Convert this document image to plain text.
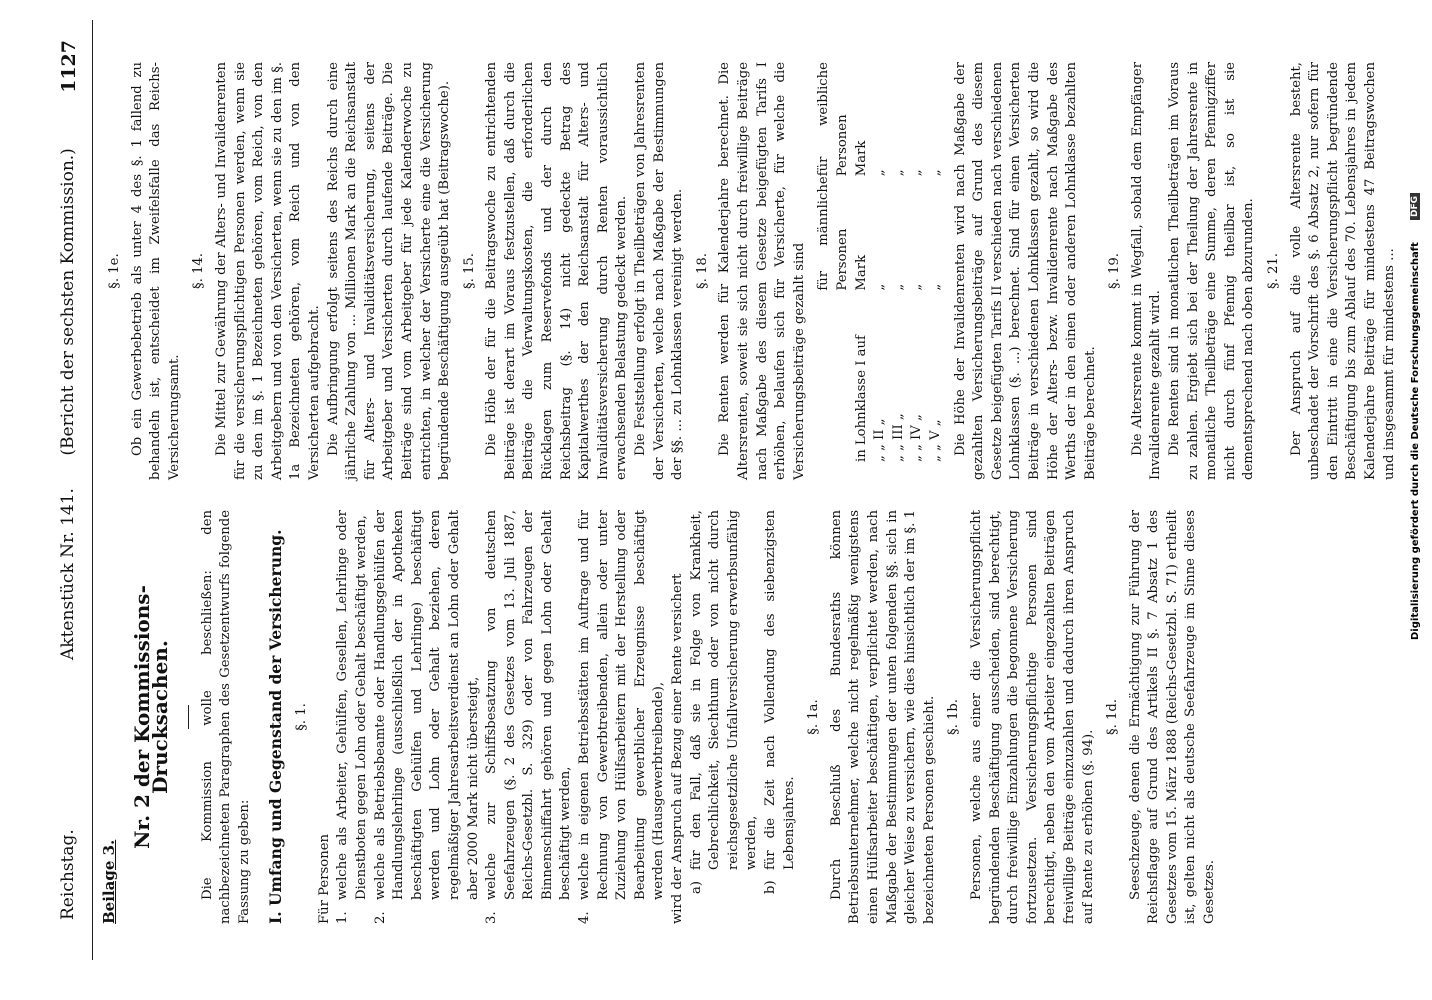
Reichstag.
Aktenstück Nr. 141.      (Bericht der sechsten Kommission.)
1127

Beilage 3.

Nr. 2 der Kommissions-Drucksachen. Die Kommission wolle beschließen: den nachbezeichneten Paragraphen des Gesetzentwurfs folgende Fassung zu geben: I. Umfang und Gegenstand der Versicherung. §. 1.

Für Personen 1.
welche als Arbeiter, Gehülfen, Gesellen, Lehrlinge oder Dienstboten gegen Lohn oder Gehalt beschäftigt werden,
2.
welche als Betriebsbeamte oder Handlungsgehülfen der Handlungslehrlinge (ausschließlich der in Apotheken beschäftigten Gehülfen und Lehrlinge) beschäftigt werden und Lohn oder Gehalt beziehen, deren regelmäßiger Jahresarbeitsverdienst an Lohn oder Gehalt aber 2000 Mark nicht übersteigt,
3.
welche zur Schiffsbesatzung von deutschen Seefahrzeugen (§. 2 des Gesetzes vom 13. Juli 1887, Reichs-Gesetzbl. S. 329) oder von Fahrzeugen der Binnenschiffahrt gehören und gegen Lohn oder Gehalt beschäftigt werden,
4.
welche in eigenen Betriebsstätten im Auftrage und für Rechnung von Gewerbtreibenden, allein oder unter Zuziehung von Hülfsarbeitern mit der Herstellung oder Bearbeitung gewerblicher Erzeugnisse beschäftigt werden (Hausgewerbtreibende), wird der Anspruch auf Bezug einer Rente versichert a)
für den Fall, daß sie in Folge von Krankheit, Gebrechlichkeit, Siechthum oder von nicht durch reichsgesetzliche Unfallversicherung erwerbsunfähig werden,
b)
für die Zeit nach Vollendung des siebenzigsten Lebensjahres.

§. 1a. Durch Beschluß des Bundesraths können Betriebsunternehmer, welche nicht regelmäßig wenigstens einen Hülfsarbeiter beschäftigen, verpflichtet werden, nach Maßgabe der Bestimmungen der unten folgenden §§. sich in gleicher Weise zu versichern, wie dies hinsichtlich der im §. 1 bezeichneten Personen geschieht. §. 1b. Personen, welche aus einer die Versicherungspflicht begründenden Beschäftigung ausscheiden, sind berechtigt, durch freiwillige Einzahlungen die begonnene Versicherung fortzusetzen. Versicherungspflichtige Personen sind berechtigt, neben den vom Arbeiter eingezahlten Beiträgen freiwillige Beiträge einzuzahlen und dadurch ihren Anspruch auf Rente zu erhöhen (§. 94).

§. 1d. Seeschzeuge, denen die Ermächtigung zur Führung der Reichsflagge auf Grund des Artikels II §. 7 Absatz 1 des Gesetzes vom 15. März 1888 (Reichs-Gesetzbl. S. 71) ertheilt ist, gelten nicht als deutsche Seefahrzeuge im Sinne dieses Gesetzes.

§. 1e. Ob ein Gewerbebetrieb als unter 4 des §. 1 fallend zu behandeln ist, entscheidet im Zweifelsfalle das Reichs-Versicherungsamt.

§. 14. Die Mittel zur Gewährung der Alters- und Invalidenrenten für die versicherungspflichtigen Personen werden, wenn sie zu den im §. 1 Bezeichneten gehören, vom Reich, von den Arbeitgebern und von den Versicherten, wenn sie zu den im §. 1a Bezeichneten gehören, vom Reich und von den Versicherten aufgebracht. Die Aufbringung erfolgt seitens des Reichs durch eine jährliche Zahlung von ... Millionen Mark an die Reichsanstalt für Alters- und Invaliditätsversicherung, seitens der Arbeitgeber und Versicherten durch laufende Beiträge. Die Beiträge sind vom Arbeitgeber für jede Kalenderwoche zu entrichten, in welcher der Versicherte eine die Versicherung begründende Beschäftigung ausgeübt hat (Beitragswoche). §. 15. Die Höhe der für die Beitragswoche zu entrichtenden Beiträge ist derart im Voraus festzustellen, daß durch die Beiträge die Verwaltungskosten, die erforderlichen Rücklagen zum Reservefonds und der durch den Reichsbeitrag (§. 14) nicht gedeckte Betrag des Kapitalwerthes der den Reichsanstalt für Alters- und Invaliditätsversicherung durch Renten voraussichtlich erwachsenden Belastung gedeckt werden. Die Feststellung erfolgt in Theilbeträgen von Jahresrenten der Versicherten, welche nach Maßgabe der Bestimmungen der §§. ... zu Lohnklassen vereinigt werden. §. 18. Die Renten werden für Kalenderjahre berechnet. Die Altersrenten, soweit sie sich nicht durch freiwillige Beiträge nach Maßgabe des diesem Gesetze beigefügten Tarifs I erhöhen, belaufen sich für Versicherte, für welche die Versicherungsbeiträge gezahlt sind

für männliche Personen
für weibliche Personen
in Lohnklasse I auf
Mark
Mark
„ „ II „
„
„
„ „ III „
„
„
„ „ IV „
„
„
„ „ V „
„
„ Die Höhe der Invalidenrenten wird nach Maßgabe der gezahlten Versicherungsbeiträge auf Grund des diesem Gesetze beigefügten Tarifs II verschieden nach verschiedenen Lohnklassen (§. ...) berechnet. Sind für einen Versicherten Beiträge in verschiedenen Lohnklassen gezahlt, so wird die Höhe der Alters- bezw. Invalidenrente nach Maßgabe des Werths der in den einen oder anderen Lohnklasse bezahlten Beiträge berechnet.

§. 19. Die Altersrente kommt in Wegfall, sobald dem Empfänger Invalidenrente gezahlt wird. Die Renten sind in monatlichen Theilbeträgen im Voraus zu zahlen. Ergiebt sich bei der Theilung der Jahresrente in monatliche Theilbeträge eine Summe, deren Pfennigziffer nicht durch fünf Pfennig theilbar ist, so ist sie dementsprechend nach oben abzurunden. §. 21. Der Anspruch auf die volle Altersrente besteht, unbeschadet der Vorschrift des §. 6 Absatz 2, nur sofern für den Eintritt in eine die Versicherungspflicht begründende Beschäftigung bis zum Ablauf des 70. Lebensjahres in jedem Kalenderjahre Beiträge für mindestens 47 Beitragswochen und insgesammt für mindestens ... Digitalisierung gefördert durch die Deutsche Forschungsgemeinschaft
DFG
